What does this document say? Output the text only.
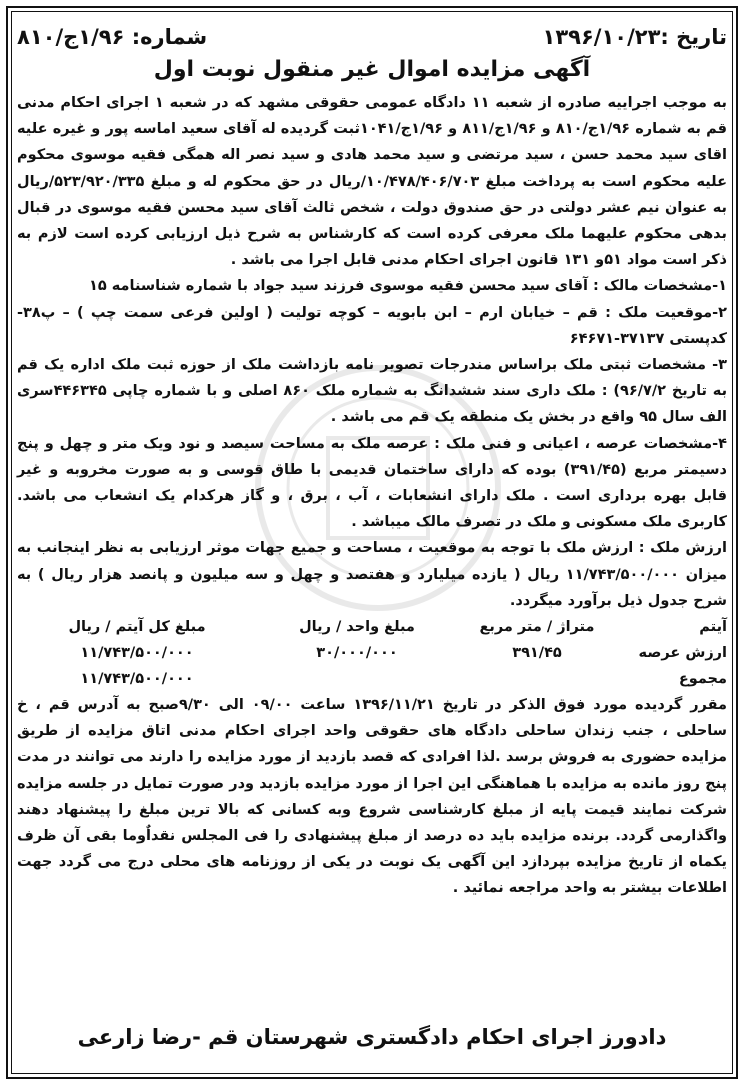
تاریخ :۱۳۹۶/۱۰/۲۳
شماره: ۱/۹۶ج/۸۱۰
آگهی مزایده اموال غیر منقول نوبت اول

به موجب اجراییه صادره از شعبه ۱۱ دادگاه عمومی حقوقی مشهد که در شعبه ۱ اجرای احکام مدنی قم به شماره ۱/۹۶ج/۸۱۰ و ۱/۹۶ج/۸۱۱ و ۱/۹۶ج/۱۰۴۱ثبت گردیده له آقای سعید اماسه پور و غیره علیه اقای سید محمد حسن ، سید مرتضی و سید محمد هادی و سید نصر اله همگی فقیه موسوی محکوم علیه محکوم است به پرداخت مبلغ ۱۰/۴۷۸/۴۰۶/۷۰۳/ریال در حق محکوم له و مبلغ ۵۲۳/۹۲۰/۳۳۵/ریال به عنوان نیم عشر دولتی در حق صندوق دولت ، شخص ثالث آقای سید محسن فقیه موسوی در قبال بدهی محکوم علیهما ملک معرفی کرده است که کارشناس به شرح ذیل ارزیابی کرده است لازم به ذکر است مواد ۵۱و ۱۳۱ قانون اجرای احکام مدنی قابل اجرا می باشد .

۱-مشخصات مالک : آقای سید محسن فقیه موسوی فرزند سید جواد با شماره شناسنامه ۱۵

۲-موقعیت ملک : قم – خیابان ارم – ابن بابویه – کوچه تولیت ( اولین فرعی سمت چپ ) – پ۳۸- کدپستی ۳۷۱۳۷-۶۴۶۷۱

۳- مشخصات ثبتی ملک براساس مندرجات تصویر نامه بازداشت ملک از حوزه ثبت ملک اداره یک قم به تاریخ ۹۶/۷/۲) : ملک داری سند ششدانگ به شماره ملک ۸۶۰ اصلی و با شماره چاپی ۴۴۶۳۴۵سری الف سال ۹۵ واقع در بخش یک منطقه یک قم می باشد .

۴-مشخصات عرصه ، اعیانی و فنی ملک : عرصه ملک به مساحت سیصد و نود ویک متر و چهل و پنج دسیمتر مربع (۳۹۱/۴۵) بوده که دارای ساختمان قدیمی با طاق قوسی و به صورت مخروبه و غیر قابل بهره برداری است . ملک دارای انشعابات ، آب ، برق ، و گاز هرکدام یک انشعاب می باشد. کاربری ملک مسکونی و ملک در تصرف مالک میباشد .

ارزش ملک : ارزش ملک با توجه به موقعیت ، مساحت و جمیع جهات موثر ارزیابی به نظر اینجانب به میزان ۱۱/۷۴۳/۵۰۰/۰۰۰ ریال ( یازده میلیارد و هفتصد و چهل و سه میلیون و پانصد هزار ریال ) به شرح جدول ذیل برآورد میگردد.

آیتم
متراژ / متر مربع
مبلغ واحد / ریال
مبلغ کل آیتم / ریال
ارزش عرصه
۳۹۱/۴۵
۳۰/۰۰۰/۰۰۰
۱۱/۷۴۳/۵۰۰/۰۰۰
مجموع
۱۱/۷۴۳/۵۰۰/۰۰۰

مقرر گردیده مورد فوق الذکر در تاریخ ۱۳۹۶/۱۱/۲۱ ساعت ۰۹/۰۰ الی ۹/۳۰صبح به آدرس قم ، خ ساحلی ، جنب زندان ساحلی دادگاه های حقوقی واحد اجرای احکام مدنی اتاق مزایده از طریق مزایده حضوری به فروش برسد .لذا افرادی که قصد بازدید از مورد مزایده را دارند می توانند در مدت پنج روز مانده به مزایده با هماهنگی این اجرا از مورد مزایده بازدید ودر صورت تمایل در جلسه مزایده شرکت نمایند قیمت پایه از مبلغ کارشناسی شروع وبه کسانی که بالا ترین مبلغ را پیشنهاد دهند واگذارمی گردد. برنده مزایده باید ده درصد از مبلغ پیشنهادی را فی المجلس نقداٌوما بقی آن ظرف یکماه از تاریخ مزایده بپردازد این آگهی یک نوبت در یکی از روزنامه های محلی درج می گردد جهت اطلاعات بیشتر به واحد مراجعه نمائید .

دادورز اجرای احکام دادگستری شهرستان قم -رضا زارعی
